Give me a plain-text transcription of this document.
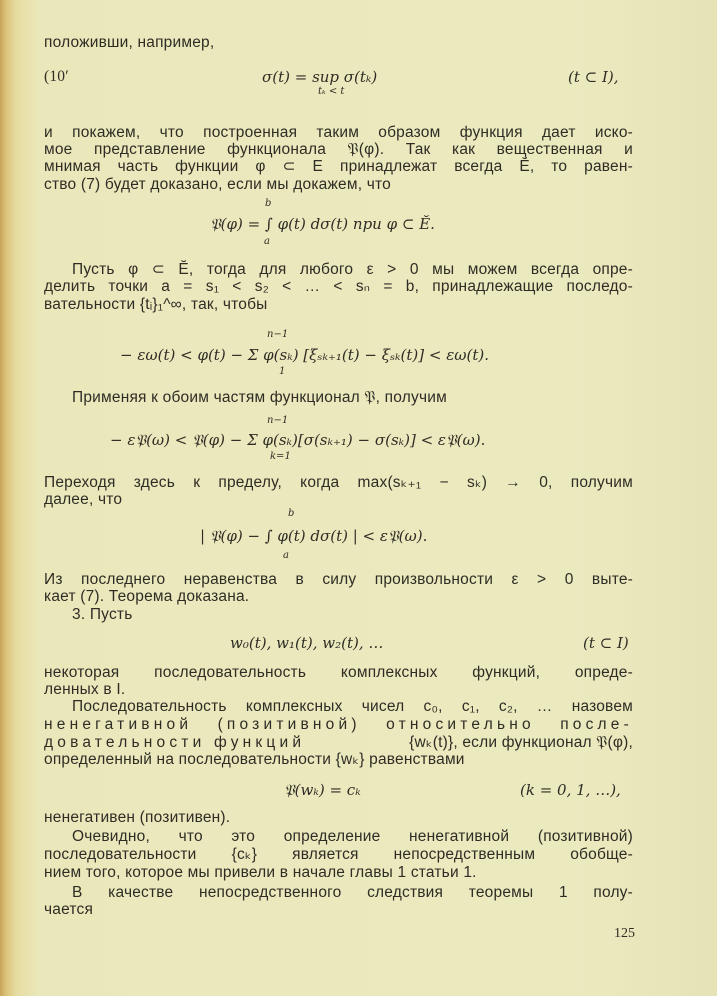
положивши, например,
(10′	σ(t) = sup σ(tₖ)
tₖ < t
(t ⊂ I),
и покажем, что построенная таким образом функция дает иско-
мое представление функционала 𝔓(φ). Так как вещественная и
мнимая часть функции φ ⊂ E принадлежат всегда Ĕ, то равен-
ство (7) будет доказано, если мы докажем, что
b
𝔓(φ) = ∫ φ(t) dσ(t) при φ ⊂ Ĕ.
a
Пусть φ ⊂ Ĕ, тогда для любого ε > 0 мы можем всегда опре-
делить точки a = s₁ < s₂ < … < sₙ = b, принадлежащие последо-
вательности {tᵢ}₁^∞, так, чтобы
n−1
− εω(t) < φ(t) − Σ φ(sₖ) [ξₛₖ₊₁(t) − ξₛₖ(t)] < εω(t).
1
Применяя к обоим частям функционал 𝔓, получим
n−1
− ε𝔓(ω) < 𝔓(φ) − Σ φ(sₖ)[σ(sₖ₊₁) − σ(sₖ)] < ε𝔓(ω).
k=1
Переходя здесь к пределу, когда max(sₖ₊₁ − sₖ) → 0, получим
далее, что
b
| 𝔓(φ) − ∫ φ(t) dσ(t) | < ε𝔓(ω).
a
Из последнего неравенства в силу произвольности ε > 0 выте-
кает (7). Теорема доказана.
3. Пусть
w₀(t), w₁(t), w₂(t), …	(t ⊂ I)
некоторая последовательность комплексных функций, опреде-
ленных в I.
Последовательность комплексных чисел c₀, c₁, c₂, … назовем
ненегативной (позитивной) относительно после-
довательности функций	{wₖ(t)}, если функционал 𝔓(φ),
определенный на последовательности {wₖ} равенствами
𝔓(wₖ) = cₖ	(k = 0, 1, …),
ненегативен (позитивен).
Очевидно, что это определение ненегативной (позитивной)
последовательности {cₖ} является непосредственным обобще-
нием того, которое мы привели в начале главы 1 статьи 1.
В качестве непосредственного следствия теоремы 1 полу-
чается
125
